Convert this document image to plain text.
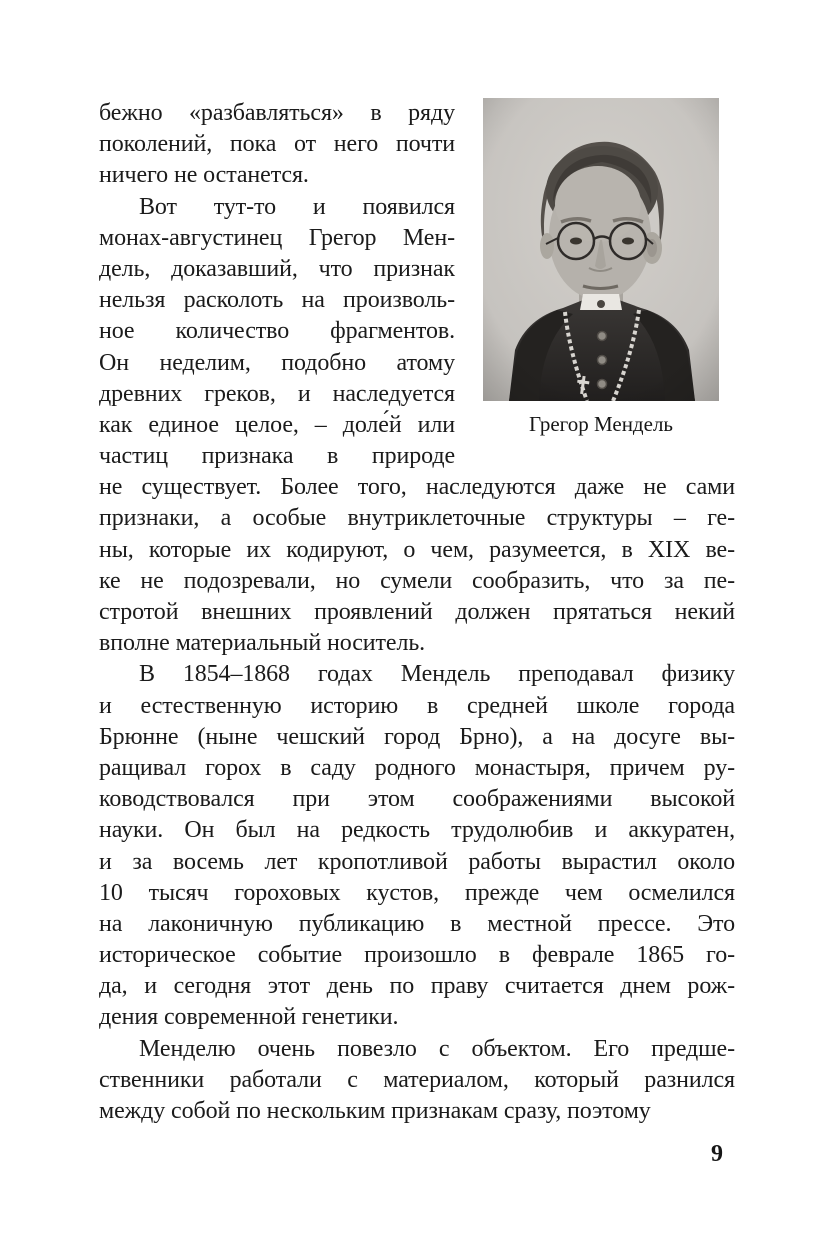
Грегор Мендель
бежно «разбавляться» в ряду
поколений, пока от него почти
ничего не останется.
Вот тут-то и появился
монах-августинец Грегор Мен-
дель, доказавший, что признак
нельзя расколоть на произволь-
ное количество фрагментов.
Он неделим, подобно атому
древних греков, и наследуется
как единое целое, – доле́й или
частиц признака в природе
не существует. Более того, наследуются даже не сами
признаки, а особые внутриклеточные структуры – ге-
ны, которые их кодируют, о чем, разумеется, в XIX ве-
ке не подозревали, но сумели сообразить, что за пе-
стротой внешних проявлений должен прятаться некий
вполне материальный носитель.
В 1854–1868 годах Мендель преподавал физику
и естественную историю в средней школе города
Брюнне (ныне чешский город Брно), а на досуге вы-
ращивал горох в саду родного монастыря, причем ру-
ководствовался при этом соображениями высокой
науки. Он был на редкость трудолюбив и аккуратен,
и за восемь лет кропотливой работы вырастил около
10 тысяч гороховых кустов, прежде чем осмелился
на лаконичную публикацию в местной прессе. Это
историческое событие произошло в феврале 1865 го-
да, и сегодня этот день по праву считается днем рож-
дения современной генетики.
Менделю очень повезло с объектом. Его предше-
ственники работали с материалом, который разнился
между собой по нескольким признакам сразу, поэтому
9
